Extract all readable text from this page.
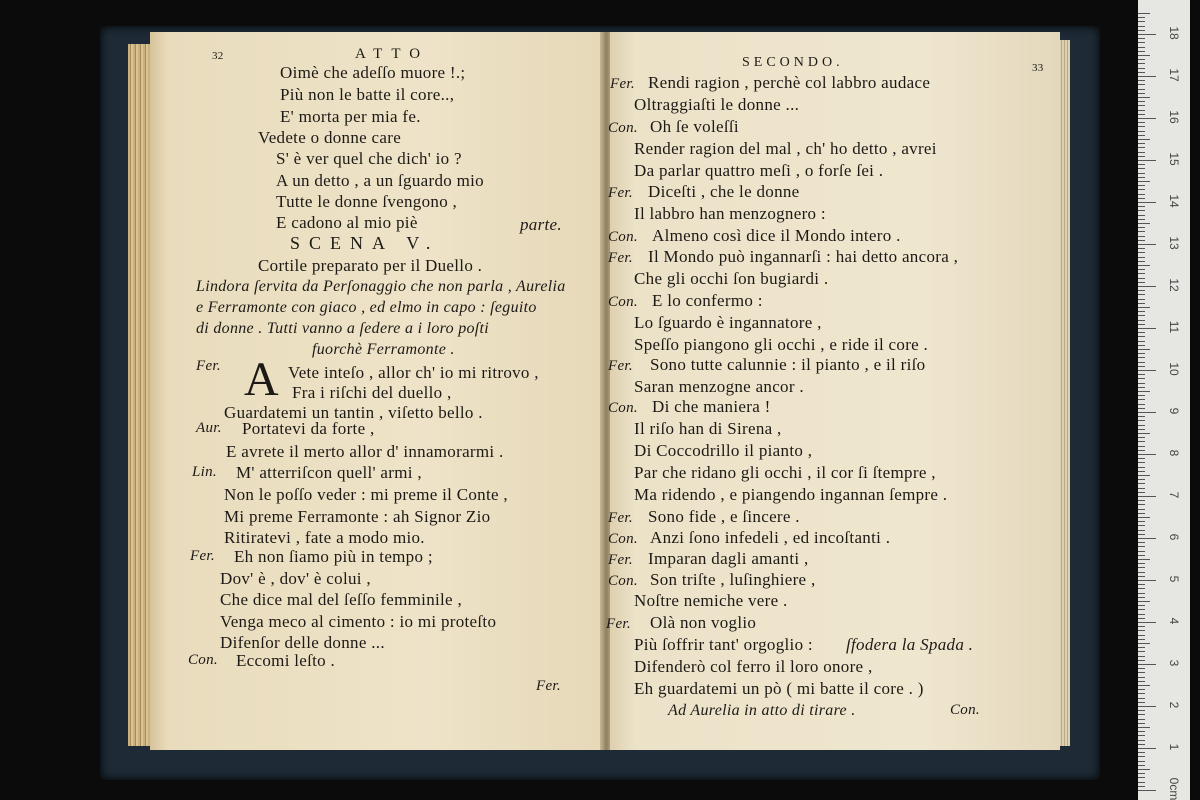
32	ATTO
Oimè che adeſſo muore !.;
Più non le batte il core..,
E' morta per mia fe.
Vedete o donne care
S' è ver quel che dich' io ?
A un detto , a un ſguardo mio
Tutte le donne ſvengono ,
E cadono al mio piè	parte.
SCENA V.
Cortile preparato per il Duello .
Lindora ſervita da Perſonaggio che non parla , Aurelia
e Ferramonte con giaco , ed elmo in capo : ſeguito
di donne . Tutti vanno a ſedere a i loro poſti
fuorchè Ferramonte .
Fer. A Vete inteſo , allor ch' io mi ritrovo ,
Fra i riſchi del duello ,
Guardatemi un tantin , viſetto bello .
Aur. Portatevi da forte ,
E avrete il merto allor d' innamorarmi .
Lin. M' atterriſcon quell' armi ,
Non le poſſo veder : mi preme il Conte ,
Mi preme Ferramonte : ah Signor Zio
Ritiratevi , fate a modo mio.
Fer. Eh non ſiamo più in tempo ;
Dov' è , dov' è colui ,
Che dice mal del ſeſſo femminile ,
Venga meco al cimento : io mi proteſto
Difenſor delle donne ...
Con. Eccomi leſto .
Fer.
SECONDO.	33
Fer. Rendi ragion , perchè col labbro audace
Oltraggiaſti le donne ...
Con. Oh ſe voleſſi
Render ragion del mal , ch' ho detto , avrei
Da parlar quattro meſi , o forſe ſei .
Fer. Diceſti , che le donne
Il labbro han menzognero :
Con. Almeno così dice il Mondo intero .
Fer. Il Mondo può ingannarſi : hai detto ancora ,
Che gli occhi ſon bugiardi .
Con. E lo confermo :
Lo ſguardo è ingannatore ,
Speſſo piangono gli occhi , e ride il core .
Fer. Sono tutte calunnie : il pianto , e il riſo
Saran menzogne ancor .
Con. Di che maniera !
Il riſo han di Sirena ,
Di Coccodrillo il pianto ,
Par che ridano gli occhi , il cor ſi ſtempre ,
Ma ridendo , e piangendo ingannan ſempre .
Fer. Sono fide , e ſincere .
Con. Anzi ſono infedeli , ed incoſtanti .
Fer. Imparan dagli amanti ,
Con. Son triſte , luſinghiere ,
Noſtre nemiche vere .
Fer. Olà non voglio
Più ſoffrir tant' orgoglio : ſfodera la Spada .
Difenderò col ferro il loro onore ,
Eh guardatemi un pò ( mi batte il core . )
Ad Aurelia in atto di tirare .	Con.
0cm
1
2
3
4
5
6
7
8
9
10
11
12
13
14
15
16
17
18
